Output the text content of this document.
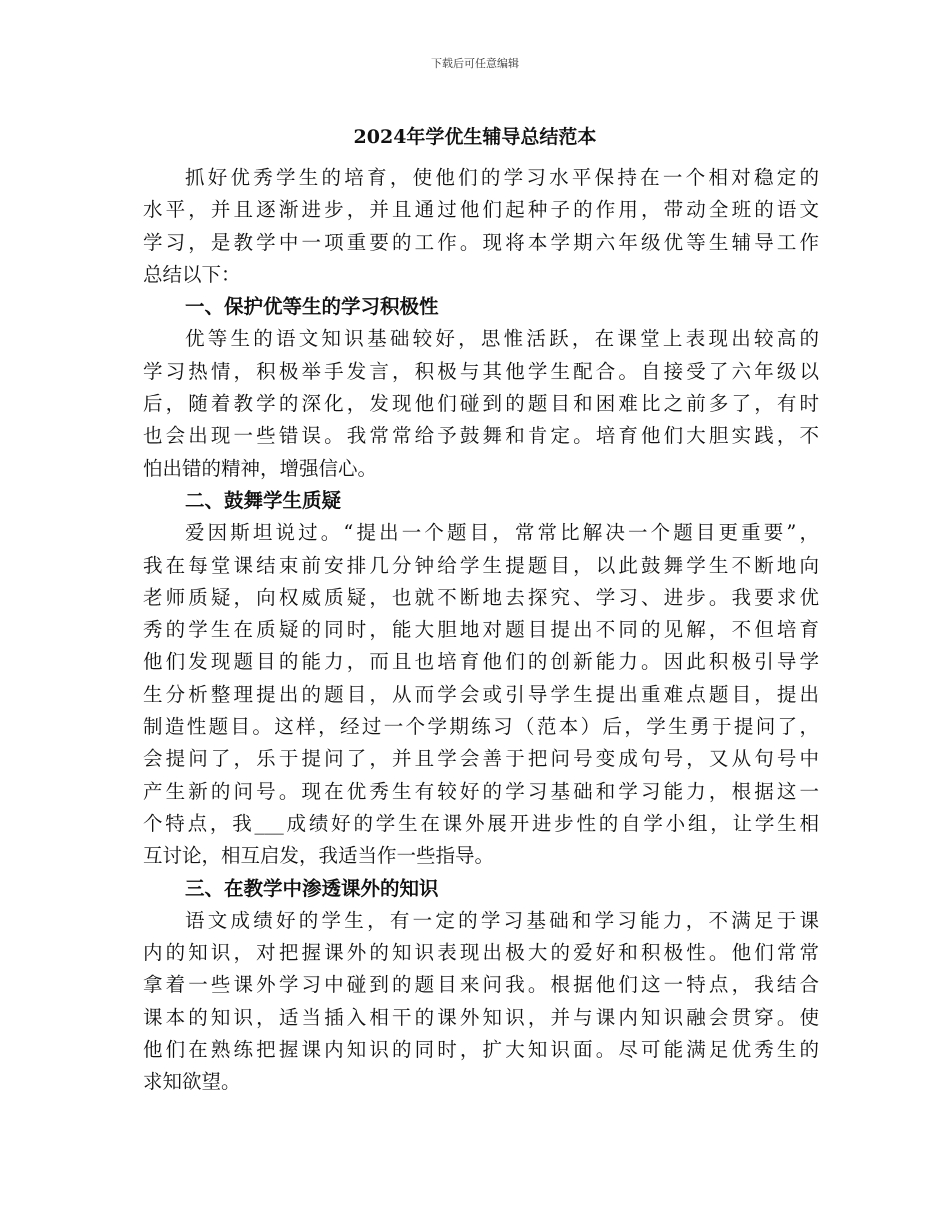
下载后可任意编辑
2024年学优生辅导总结范本
抓好优秀学生的培育，使他们的学习水平保持在一个相对稳定的
水平，并且逐渐进步，并且通过他们起种子的作用，带动全班的语文
学习，是教学中一项重要的工作。现将本学期六年级优等生辅导工作
总结以下：
一、保护优等生的学习积极性
优等生的语文知识基础较好，思惟活跃，在课堂上表现出较高的
学习热情，积极举手发言，积极与其他学生配合。自接受了六年级以
后，随着教学的深化，发现他们碰到的题目和困难比之前多了，有时
也会出现一些错误。我常常给予鼓舞和肯定。培育他们大胆实践，不
怕出错的精神，增强信心。
二、鼓舞学生质疑
爱因斯坦说过。“提出一个题目，常常比解决一个题目更重要”，
我在每堂课结束前安排几分钟给学生提题目，以此鼓舞学生不断地向
老师质疑，向权威质疑，也就不断地去探究、学习、进步。我要求优
秀的学生在质疑的同时，能大胆地对题目提出不同的见解，不但培育
他们发现题目的能力，而且也培育他们的创新能力。因此积极引导学
生分析整理提出的题目，从而学会或引导学生提出重难点题目，提出
制造性题目。这样，经过一个学期练习（范本）后，学生勇于提问了，
会提问了，乐于提问了，并且学会善于把问号变成句号，又从句号中
产生新的问号。现在优秀生有较好的学习基础和学习能力，根据这一
个特点，我___成绩好的学生在课外展开进步性的自学小组，让学生相
互讨论，相互启发，我适当作一些指导。
三、在教学中渗透课外的知识
语文成绩好的学生，有一定的学习基础和学习能力，不满足于课
内的知识，对把握课外的知识表现出极大的爱好和积极性。他们常常
拿着一些课外学习中碰到的题目来问我。根据他们这一特点，我结合
课本的知识，适当插入相干的课外知识，并与课内知识融会贯穿。使
他们在熟练把握课内知识的同时，扩大知识面。尽可能满足优秀生的
求知欲望。
